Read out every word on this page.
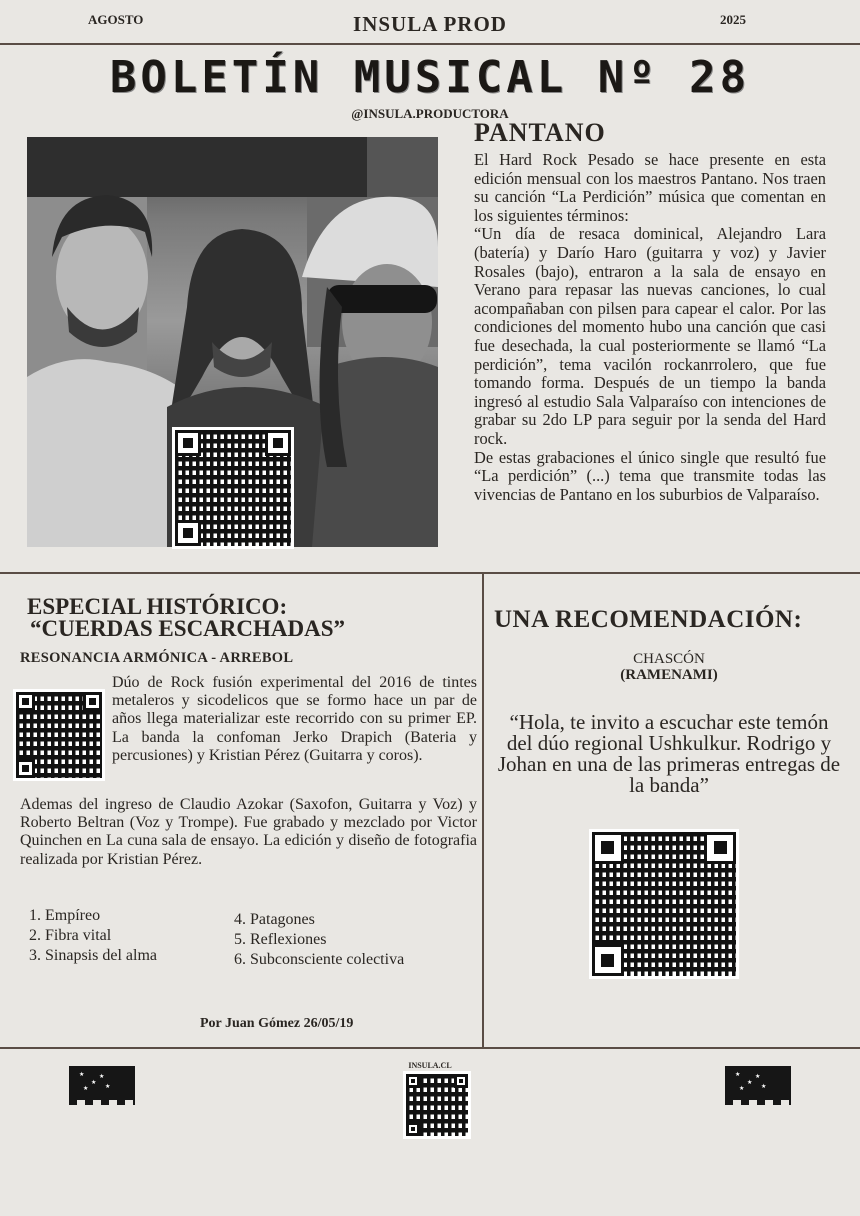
AGOSTO	INSULA PROD	2025
BOLETÍN MUSICAL Nº 28
@INSULA.PRODUCTORA
PANTANO

El Hard Rock Pesado se hace presente en esta edición mensual con los maestros Pantano. Nos traen su canción “La Perdición” música que comentan en los siguientes términos:

“Un día de resaca dominical, Alejandro Lara (batería) y Darío Haro (guitarra y voz) y Javier Rosales (bajo), entraron a la sala de ensayo en Verano para repasar las nuevas canciones, lo cual acompañaban con pilsen para capear el calor. Por las condiciones del momento hubo una canción que casi fue desechada, la cual posteriormente se llamó “La perdición”, tema vacilón rockanrrolero, que fue tomando forma. Después de un tiempo la banda ingresó al estudio Sala Valparaíso con intenciones de grabar su 2do LP para seguir por la senda del Hard rock.

De estas grabaciones el único single que resultó fue “La perdición” (...) tema que transmite todas las vivencias de Pantano en los suburbios de Valparaíso.

ESPECIAL HISTÓRICO:
“CUERDAS ESCARCHADAS”
RESONANCIA ARMÓNICA - ARREBOL
Dúo de Rock fusión experimental del 2016 de tintes metaleros y sicodelicos que se formo hace un par de años llega materializar este recorrido con su primer EP. La banda la confoman Jerko Drapich (Bateria y percusiones) y Kristian Pérez (Guitarra y coros).
Ademas del ingreso de Claudio Azokar (Saxofon, Guitarra y Voz) y Roberto Beltran (Voz y Trompe). Fue grabado y mezclado por Victor Quinchen en La cuna sala de ensayo. La edición y diseño de fotografia realizada por Kristian Pérez.
1. Empíreo
2. Fibra vital
3. Sinapsis del alma
4. Patagones
5. Reflexiones
6. Subconsciente colectiva
Por Juan Gómez 26/05/19
UNA RECOMENDACIÓN:
CHASCÓN
(RAMENAMI)
“Hola, te invito a escuchar este temón del dúo regional Ushkulkur. Rodrigo y Johan en una de las primeras entregas de la banda”
★
★
★
★
★
INSULA.CL
★
★
★
★
★
